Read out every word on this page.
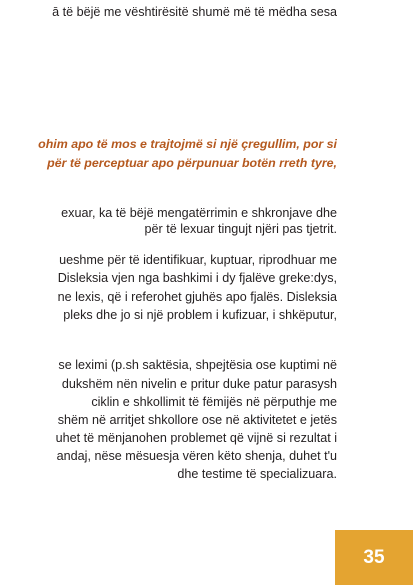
ā të bëjë me vështirësitë shumë më të mëdha sesa
ohim apo të mos e trajtojmë si një çregullim, por si
për të perceptuar apo përpunuar botën rreth tyre,
exuar, ka të bëjë mengatërrimin e shkronjave dhe
për të lexuar tingujt njëri pas tjetrit.
ueshme për të identifikuar, kuptuar, riprodhuar me
Disleksia vjen nga bashkimi i dy fjalëve greke:dys,
ne lexis, që i referohet gjuhës apo fjalës. Disleksia
pleks dhe jo si një problem i kufizuar, i shkëputur,
se leximi (p.sh saktësia, shpejtësia ose kuptimi në
dukshëm nën nivelin e pritur duke patur parasysh
ciklin e shkollimit të fëmijës në përputhje me
shëm në arritjet shkollore ose në aktivitetet e jetës
uhet të mënjanohen problemet që vijnë si rezultat i
andaj, nëse mësuesja vëren këto shenja, duhet t'u
dhe testime të specializuara.
35
